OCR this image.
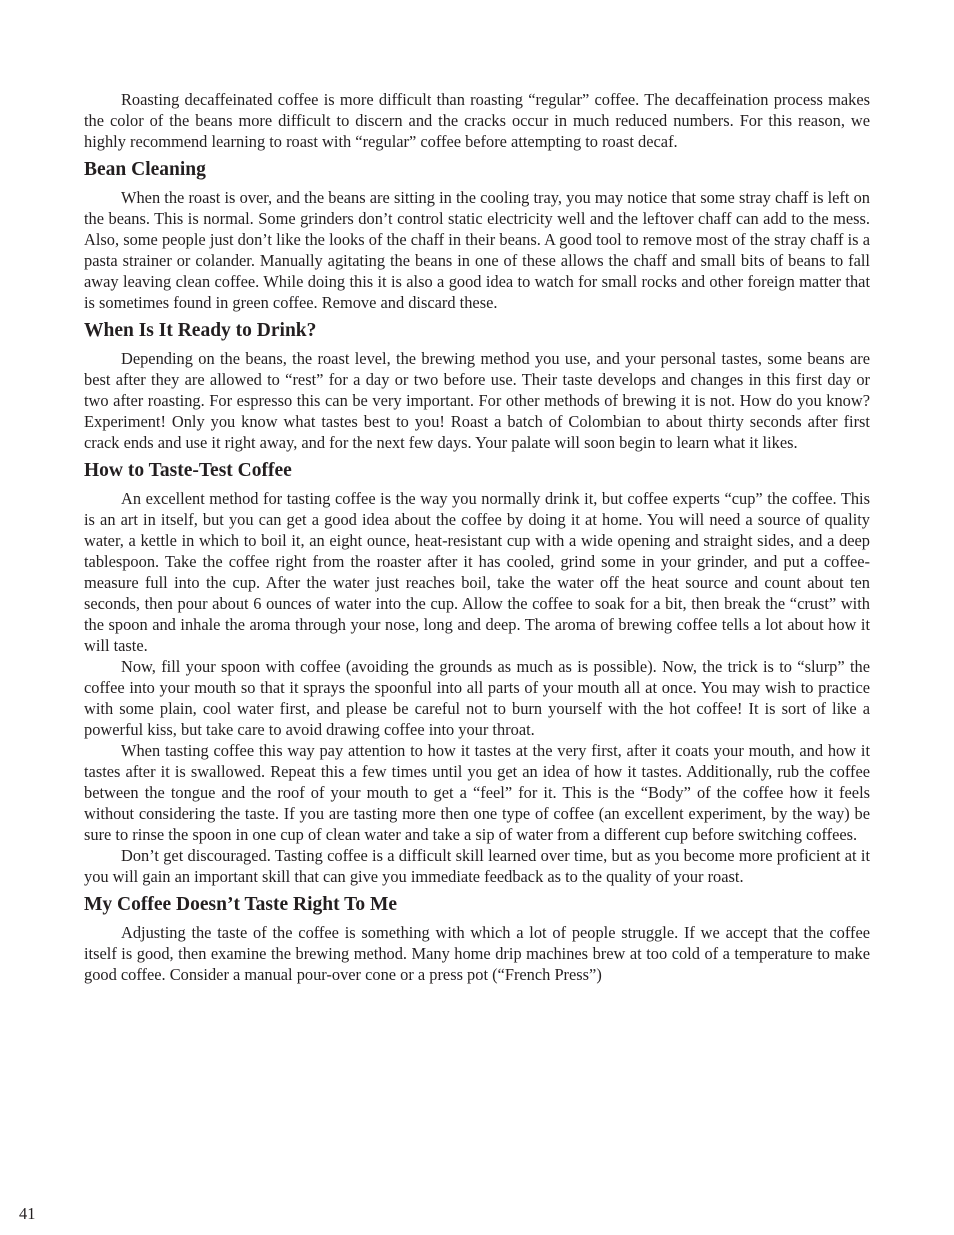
Roasting decaffeinated coffee is more difficult than roasting “regular” coffee. The decaffeination process makes the color of the beans more difficult to discern and the cracks occur in much reduced numbers. For this reason, we highly recommend learning to roast with “regular” coffee before attempting to roast decaf.

Bean Cleaning

When the roast is over, and the beans are sitting in the cooling tray, you may notice that some stray chaff is left on the beans. This is normal. Some grinders don’t control static electricity well and the leftover chaff can add to the mess. Also, some people just don’t like the looks of the chaff in their beans. A good tool to remove most of the stray chaff is a pasta strainer or colander. Manually agitating the beans in one of these allows the chaff and small bits of beans to fall away leaving clean coffee. While doing this it is also a good idea to watch for small rocks and other foreign matter that is sometimes found in green coffee. Remove and discard these.

When Is It Ready to Drink?

Depending on the beans, the roast level, the brewing method you use, and your personal tastes, some beans are best after they are allowed to “rest” for a day or two before use. Their taste develops and changes in this first day or two after roasting. For espresso this can be very important. For other methods of brewing it is not. How do you know? Experiment! Only you know what tastes best to you! Roast a batch of Colombian to about thirty seconds after first crack ends and use it right away, and for the next few days. Your palate will soon begin to learn what it likes.

How to Taste-Test Coffee

An excellent method for tasting coffee is the way you normally drink it, but coffee experts “cup” the coffee. This is an art in itself, but you can get a good idea about the coffee by doing it at home. You will need a source of quality water, a kettle in which to boil it, an eight ounce, heat-resistant cup with a wide opening and straight sides, and a deep tablespoon. Take the coffee right from the roaster after it has cooled, grind some in your grinder, and put a coffee-measure full into the cup. After the water just reaches boil, take the water off the heat source and count about ten seconds, then pour about 6 ounces of water into the cup. Allow the coffee to soak for a bit, then break the “crust” with the spoon and inhale the aroma through your nose, long and deep. The aroma of brewing coffee tells a lot about how it will taste.

Now, fill your spoon with coffee (avoiding the grounds as much as is possible). Now, the trick is to “slurp” the coffee into your mouth so that it sprays the spoonful into all parts of your mouth all at once. You may wish to practice with some plain, cool water first, and please be careful not to burn yourself with the hot coffee! It is sort of like a powerful kiss, but take care to avoid drawing coffee into your throat.

When tasting coffee this way pay attention to how it tastes at the very first, after it coats your mouth, and how it tastes after it is swallowed. Repeat this a few times until you get an idea of how it tastes. Additionally, rub the coffee between the tongue and the roof of your mouth to get a “feel” for it. This is the “Body” of the coffee how it feels without considering the taste. If you are tasting more then one type of coffee (an excellent experiment, by the way) be sure to rinse the spoon in one cup of clean water and take a sip of water from a different cup before switching coffees.

Don’t get discouraged. Tasting coffee is a difficult skill learned over time, but as you become more proficient at it you will gain an important skill that can give you immediate feedback as to the quality of your roast.

My Coffee Doesn’t Taste Right To Me

Adjusting the taste of the coffee is something with which a lot of people struggle. If we accept that the coffee itself is good, then examine the brewing method. Many home drip machines brew at too cold of a temperature to make good coffee. Consider a manual pour-over cone or a press pot (“French Press”)

41
